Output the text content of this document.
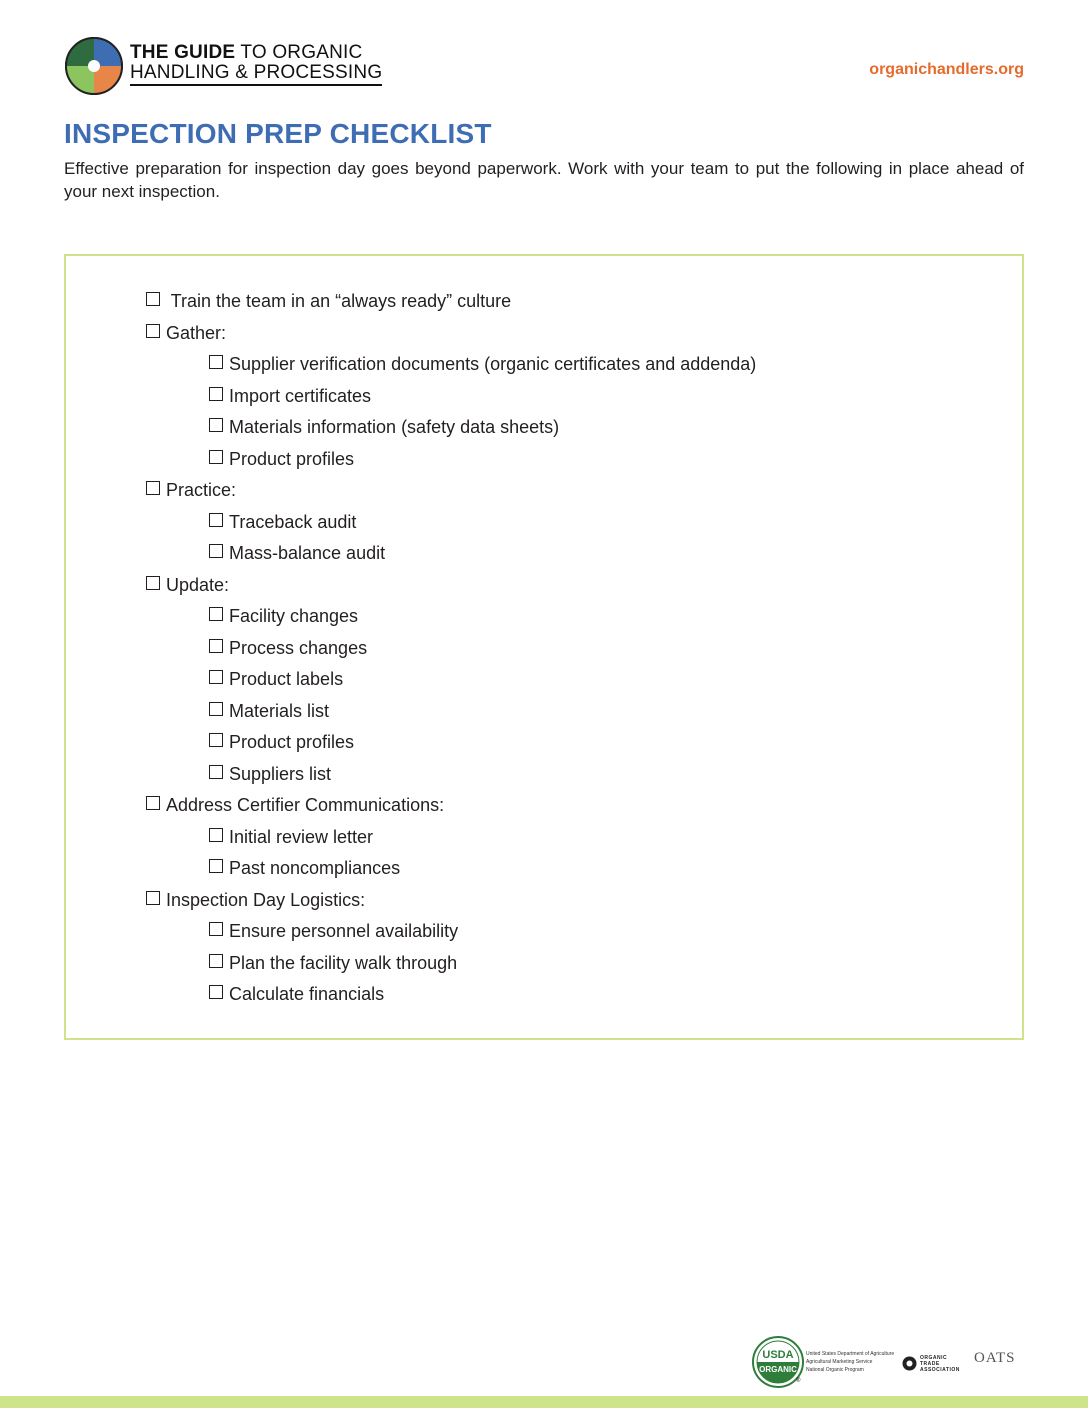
THE GUIDE TO ORGANIC
HANDLING & PROCESSING	organichandlers.org
INSPECTION PREP CHECKLIST

Effective preparation for inspection day goes beyond paperwork. Work with your team to put the following in place ahead of your next inspection.

Train the team in an “always ready” culture
Gather:
Supplier verification documents (organic certificates and addenda)
Import certificates
Materials information (safety data sheets)
Product profiles
Practice:
Traceback audit
Mass-balance audit
Update:
Facility changes
Process changes
Product labels
Materials list
Product profiles
Suppliers list
Address Certifier Communications:
Initial review letter
Past noncompliances
Inspection Day Logistics:
Ensure personnel availability
Plan the facility walk through
Calculate financials
USDA
ORGANIC
®
United States Department of Agriculture
Agricultural Marketing Service
National Organic Program
ORGANIC
TRADE
ASSOCIATION
OATS
